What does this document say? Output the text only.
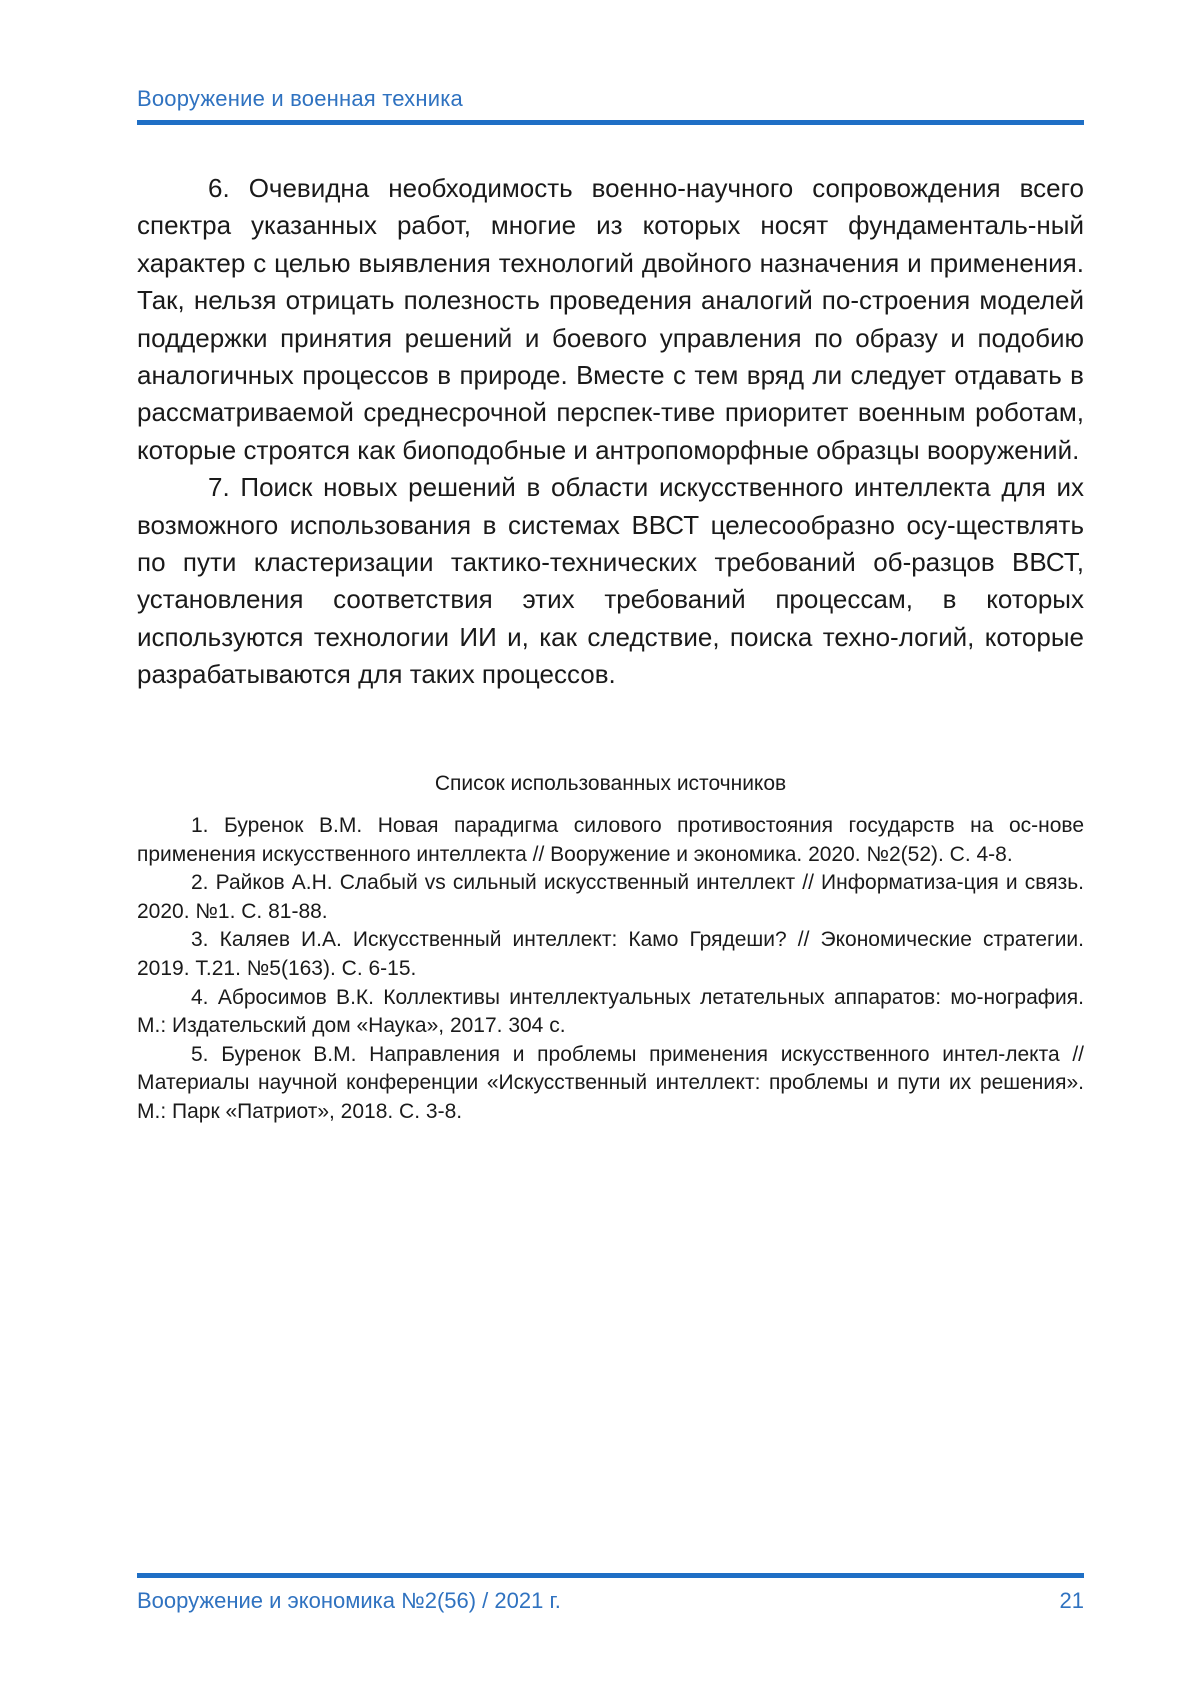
Вооружение и военная техника

6. Очевидна необходимость военно-научного сопровождения всего спектра указанных работ, многие из которых носят фундаменталь-ный характер с целью выявления технологий двойного назначения и применения. Так, нельзя отрицать полезность проведения аналогий по-строения моделей поддержки принятия решений и боевого управления по образу и подобию аналогичных процессов в природе. Вместе с тем вряд ли следует отдавать в рассматриваемой среднесрочной перспек-тиве приоритет военным роботам, которые строятся как биоподобные и антропоморфные образцы вооружений.

7. Поиск новых решений в области искусственного интеллекта для их возможного использования в системах ВВСТ целесообразно осу-ществлять по пути кластеризации тактико-технических требований об-разцов ВВСТ, установления соответствия этих требований процессам, в которых используются технологии ИИ и, как следствие, поиска техно-логий, которые разрабатываются для таких процессов.

Список использованных источников

1. Буренок В.М. Новая парадигма силового противостояния государств на ос-нове применения искусственного интеллекта // Вооружение и экономика. 2020. №2(52). С. 4-8.

2. Райков А.Н. Слабый vs сильный искусственный интеллект // Информатиза-ция и связь. 2020. №1. С. 81-88.

3. Каляев И.А. Искусственный интеллект: Камо Грядеши? // Экономические стратегии. 2019. Т.21. №5(163). С. 6-15.

4. Абросимов В.К. Коллективы интеллектуальных летательных аппаратов: мо-нография. М.: Издательский дом «Наука», 2017. 304 с.

5. Буренок В.М. Направления и проблемы применения искусственного интел-лекта // Материалы научной конференции «Искусственный интеллект: проблемы и пути их решения». М.: Парк «Патриот», 2018. С. 3-8.

Вооружение и экономика №2(56) / 2021 г.	21
